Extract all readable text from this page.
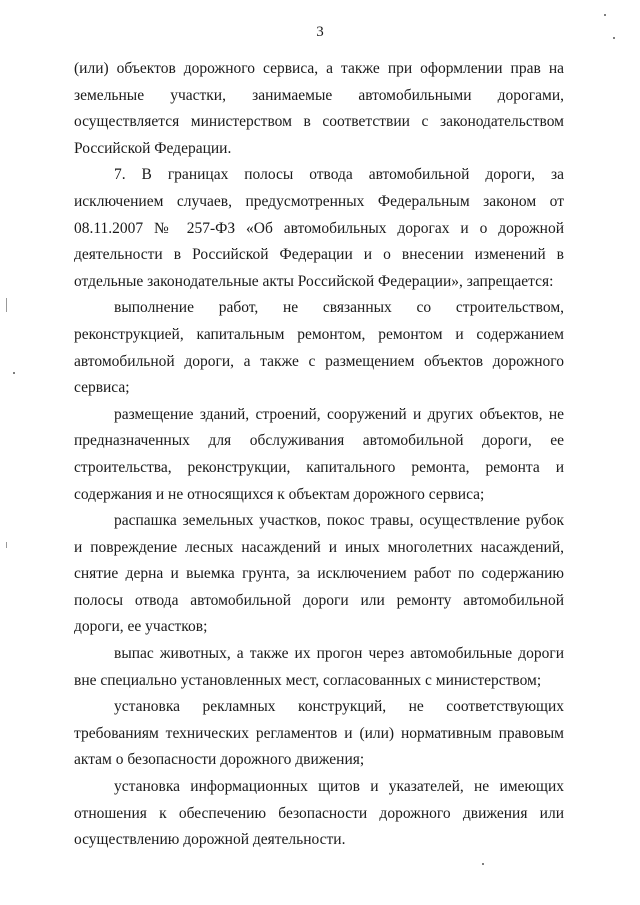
3

(или) объектов дорожного сервиса, а также при оформлении прав на земельные участки, занимаемые автомобильными дорогами, осуществляется министерством в соответствии с законодательством Российской Федерации.

7. В границах полосы отвода автомобильной дороги, за исключением случаев, предусмотренных Федеральным законом от 08.11.2007 № 257-ФЗ «Об автомобильных дорогах и о дорожной деятельности в Российской Федерации и о внесении изменений в отдельные законодательные акты Российской Федерации», запрещается:

выполнение работ, не связанных со строительством, реконструкцией, капитальным ремонтом, ремонтом и содержанием автомобильной дороги, а также с размещением объектов дорожного сервиса;

размещение зданий, строений, сооружений и других объектов, не предназначенных для обслуживания автомобильной дороги, ее строительства, реконструкции, капитального ремонта, ремонта и содержания и не относящихся к объектам дорожного сервиса;

распашка земельных участков, покос травы, осуществление рубок и повреждение лесных насаждений и иных многолетних насаждений, снятие дерна и выемка грунта, за исключением работ по содержанию полосы отвода автомобильной дороги или ремонту автомобильной дороги, ее участков;

выпас животных, а также их прогон через автомобильные дороги вне специально установленных мест, согласованных с министерством;

установка рекламных конструкций, не соответствующих требованиям технических регламентов и (или) нормативным правовым актам о безопасности дорожного движения;

установка информационных щитов и указателей, не имеющих отношения к обеспечению безопасности дорожного движения или осуществлению дорожной деятельности.
